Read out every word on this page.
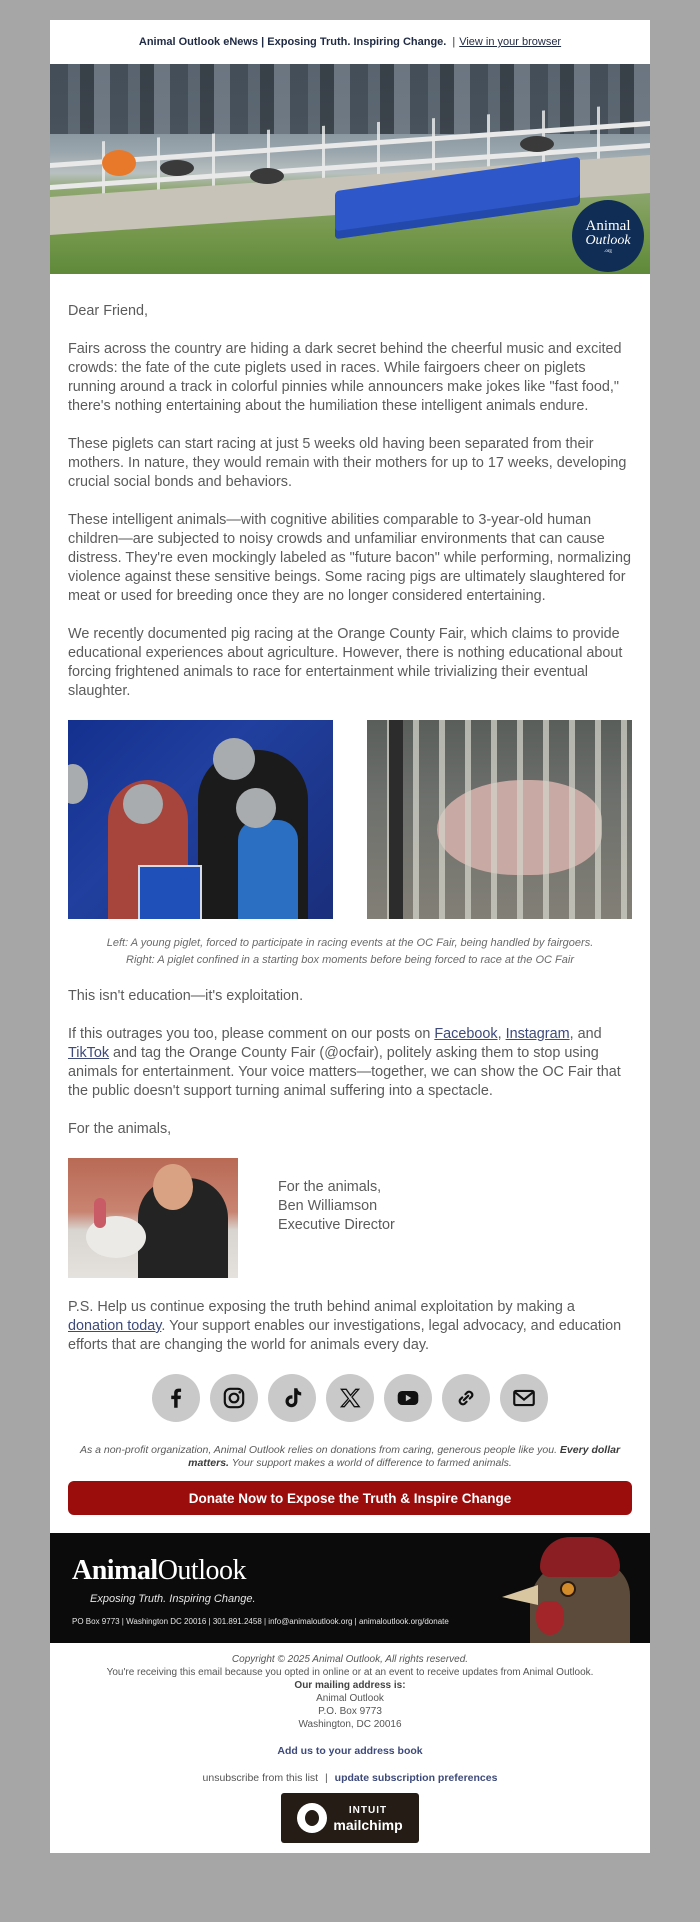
Animal Outlook eNews | Exposing Truth. Inspiring Change. | View in your browser
Animal
Outlook
.org

Dear Friend,

Fairs across the country are hiding a dark secret behind the cheerful music and excited crowds: the fate of the cute piglets used in races. While fairgoers cheer on piglets running around a track in colorful pinnies while announcers make jokes like "fast food," there's nothing entertaining about the humiliation these intelligent animals endure.

These piglets can start racing at just 5 weeks old having been separated from their mothers. In nature, they would remain with their mothers for up to 17 weeks, developing crucial social bonds and behaviors.

These intelligent animals—with cognitive abilities comparable to 3-year-old human children—are subjected to noisy crowds and unfamiliar environments that can cause distress. They're even mockingly labeled as "future bacon" while performing, normalizing violence against these sensitive beings. Some racing pigs are ultimately slaughtered for meat or used for breeding once they are no longer considered entertaining.

We recently documented pig racing at the Orange County Fair, which claims to provide educational experiences about agriculture. However, there is nothing educational about forcing frightened animals to race for entertainment while trivializing their eventual slaughter.

Left: A young piglet, forced to participate in racing events at the OC Fair, being handled by fairgoers.
Right: A piglet confined in a starting box moments before being forced to race at the OC Fair

This isn't education—it's exploitation.

If this outrages you too, please comment on our posts on Facebook, Instagram, and TikTok and tag the Orange County Fair (@ocfair), politely asking them to stop using animals for entertainment. Your voice matters—together, we can show the OC Fair that the public doesn't support turning animal suffering into a spectacle.

For the animals,

For the animals,
Ben Williamson
Executive Director

P.S. Help us continue exposing the truth behind animal exploitation by making a donation today. Your support enables our investigations, legal advocacy, and education efforts that are changing the world for animals every day.

As a non-profit organization, Animal Outlook relies on donations from caring, generous people like you. Every dollar matters. Your support makes a world of difference to farmed animals.
Donate Now to Expose the Truth & Inspire Change
AnimalOutlook
Exposing Truth. Inspiring Change.
PO Box 9773 | Washington DC 20016 | 301.891.2458 | info@animaloutlook.org | animaloutlook.org/donate
Copyright © 2025 Animal Outlook, All rights reserved.
You're receiving this email because you opted in online or at an event to receive updates from Animal Outlook.
Our mailing address is:
Animal Outlook
P.O. Box 9773
Washington, DC 20016
Add us to your address book
unsubscribe from this list | update subscription preferences
INTUIT
mailchimp
